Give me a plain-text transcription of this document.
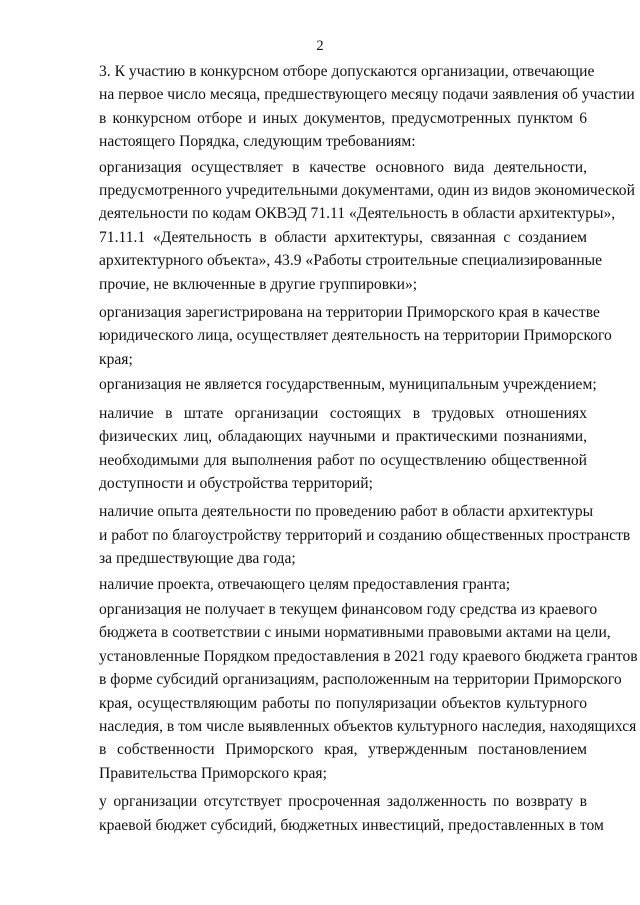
2
3. К участию в конкурсном отборе допускаются организации, отвечающие
на первое число месяца, предшествующего месяцу подачи заявления об участии
в конкурсном отборе и иных документов, предусмотренных пунктом 6
настоящего Порядка, следующим требованиям:
организация осуществляет в качестве основного вида деятельности,
предусмотренного учредительными документами, один из видов экономической
деятельности по кодам ОКВЭД 71.11 «Деятельность в области архитектуры»,
71.11.1 «Деятельность в области архитектуры, связанная с созданием
архитектурного объекта», 43.9 «Работы строительные специализированные
прочие, не включенные в другие группировки»;
организация зарегистрирована на территории Приморского края в качестве
юридического лица, осуществляет деятельность на территории Приморского
края;
организация не является государственным, муниципальным учреждением;
наличие в штате организации состоящих в трудовых отношениях
физических лиц, обладающих научными и практическими познаниями,
необходимыми для выполнения работ по осуществлению общественной
доступности и обустройства территорий;
наличие опыта деятельности по проведению работ в области архитектуры
и работ по благоустройству территорий и созданию общественных пространств
за предшествующие два года;
наличие проекта, отвечающего целям предоставления гранта;
организация не получает в текущем финансовом году средства из краевого
бюджета в соответствии с иными нормативными правовыми актами на цели,
установленные Порядком предоставления в 2021 году краевого бюджета грантов
в форме субсидий организациям, расположенным на территории Приморского
края, осуществляющим работы по популяризации объектов культурного
наследия, в том числе выявленных объектов культурного наследия, находящихся
в собственности Приморского края, утвержденным постановлением
Правительства Приморского края;
у организации отсутствует просроченная задолженность по возврату в
краевой бюджет субсидий, бюджетных инвестиций, предоставленных в том
